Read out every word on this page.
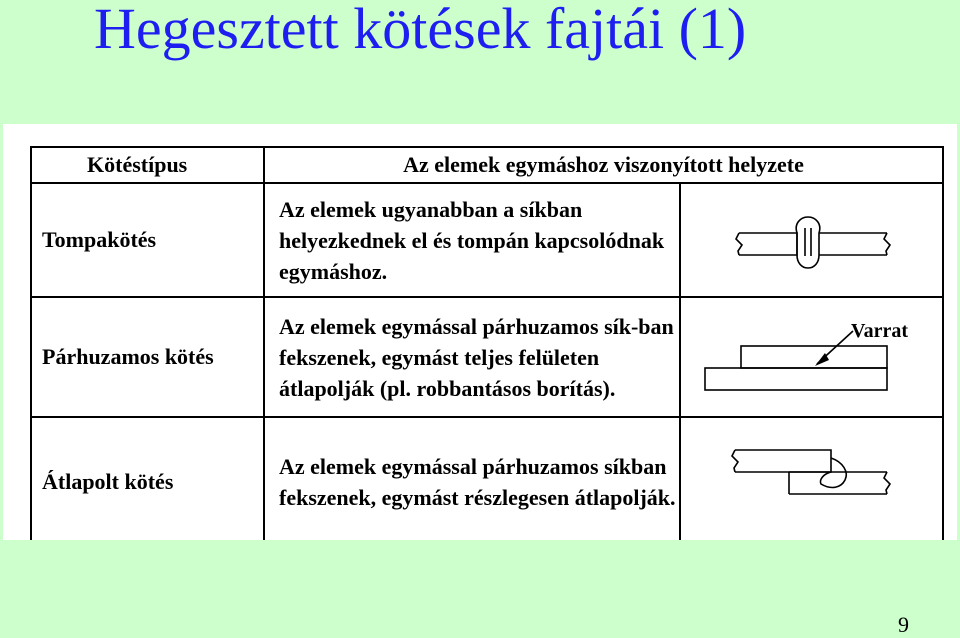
Hegesztett kötések fajtái (1)
Kötéstípus	Az elemek egymáshoz viszonyított helyzete	
Tompakötés	Az elemek ugyanabban a síkban helyezkednek el és tompán kapcsolódnak egymáshoz.	

Párhuzamos kötés	Az elemek egymással párhuzamos sík-ban fekszenek, egymást teljes felületen átlapolják (pl. robbantásos borítás).	Varrat

Átlapolt kötés	Az elemek egymással párhuzamos síkban fekszenek, egymást részlegesen átlapolják.	
9
